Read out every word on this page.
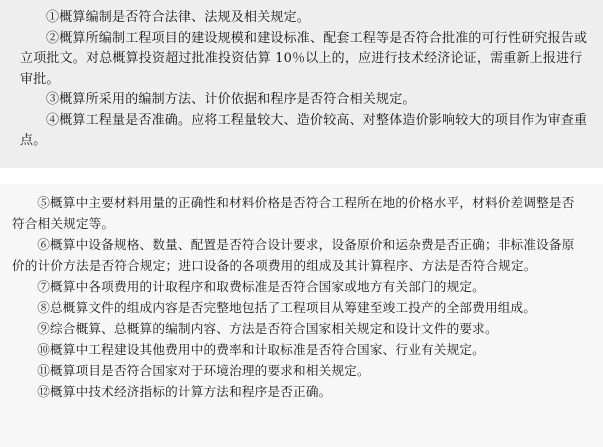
①概算编制是否符合法律、法规及相关规定。

②概算所编制工程项目的建设规模和建设标准、配套工程等是否符合批准的可行性研究报告或立项批文。对总概算投资超过批准投资估算 10％以上的，应进行技术经济论证，需重新上报进行审批。

③概算所采用的编制方法、计价依据和程序是否符合相关规定。

④概算工程量是否准确。应将工程量较大、造价较高、对整体造价影响较大的项目作为审查重点。

⑤概算中主要材料用量的正确性和材料价格是否符合工程所在地的价格水平，材料价差调整是否符合相关规定等。

⑥概算中设备规格、数量、配置是否符合设计要求，设备原价和运杂费是否正确；非标准设备原价的计价方法是否符合规定；进口设备的各项费用的组成及其计算程序、方法是否符合规定。

⑦概算中各项费用的计取程序和取费标准是否符合国家或地方有关部门的规定。

⑧总概算文件的组成内容是否完整地包括了工程项目从筹建至竣工投产的全部费用组成。

⑨综合概算、总概算的编制内容、方法是否符合国家相关规定和设计文件的要求。

⑩概算中工程建设其他费用中的费率和计取标准是否符合国家、行业有关规定。

⑪概算项目是否符合国家对于环境治理的要求和相关规定。

⑫概算中技术经济指标的计算方法和程序是否正确。
